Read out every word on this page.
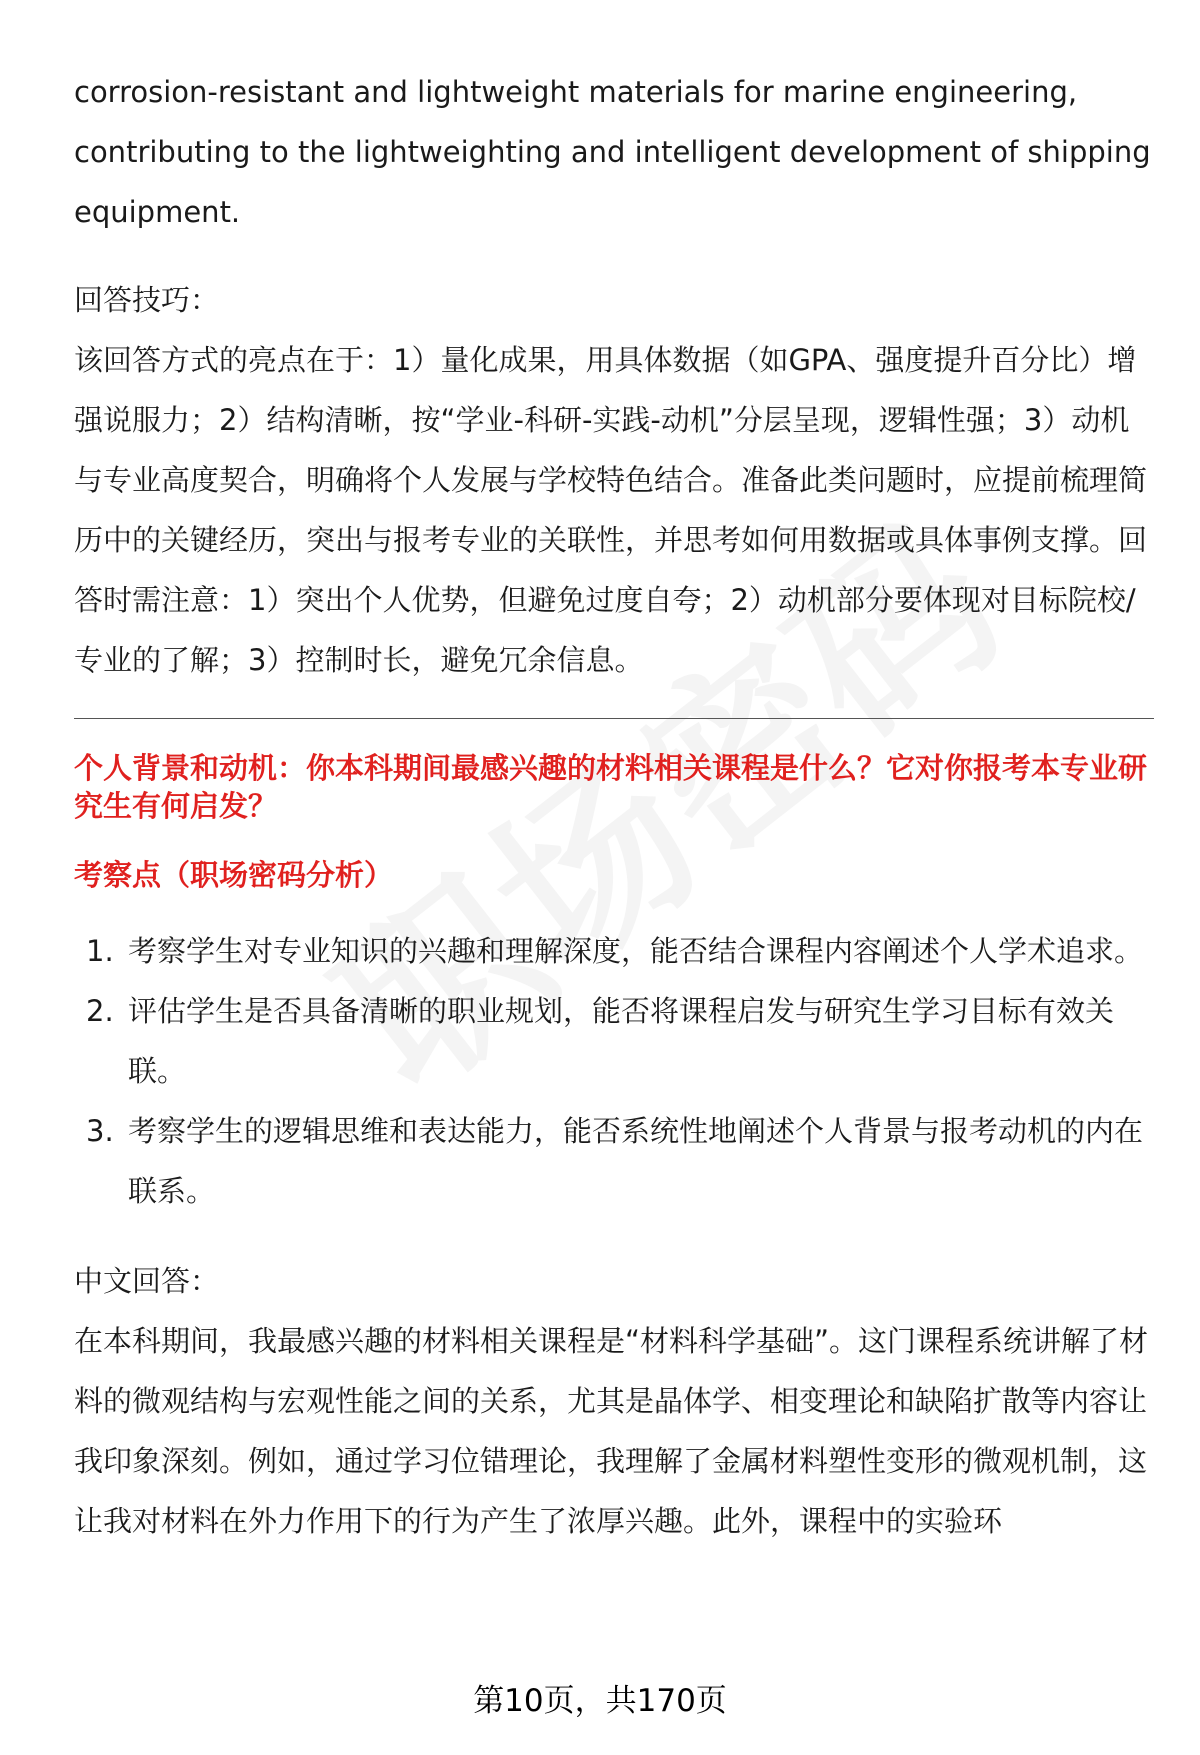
corrosion-resistant and lightweight materials for marine engineering,

contributing to the lightweighting and intelligent development of shipping

equipment.

回答技巧：

该回答方式的亮点在于：1）量化成果，用具体数据（如GPA、强度提升百分比）增强说服力；2）结构清晰，按“学业-科研-实践-动机”分层呈现，逻辑性强；3）动机与专业高度契合，明确将个人发展与学校特色结合。准备此类问题时，应提前梳理简历中的关键经历，突出与报考专业的关联性，并思考如何用数据或具体事例支撑。回答时需注意：1）突出个人优势，但避免过度自夸；2）动机部分要体现对目标院校/专业的了解；3）控制时长，避免冗余信息。

个人背景和动机：你本科期间最感兴趣的材料相关课程是什么？它对你报考本专业研究生有何启发？

考察点（职场密码分析）

1. 考察学生对专业知识的兴趣和理解深度，能否结合课程内容阐述个人学术追求。
2. 评估学生是否具备清晰的职业规划，能否将课程启发与研究生学习目标有效关联。
3. 考察学生的逻辑思维和表达能力，能否系统性地阐述个人背景与报考动机的内在联系。

中文回答：

在本科期间，我最感兴趣的材料相关课程是“材料科学基础”。这门课程系统讲解了材料的微观结构与宏观性能之间的关系，尤其是晶体学、相变理论和缺陷扩散等内容让我印象深刻。例如，通过学习位错理论，我理解了金属材料塑性变形的微观机制，这让我对材料在外力作用下的行为产生了浓厚兴趣。此外，课程中的实验环

第10页，共170页
